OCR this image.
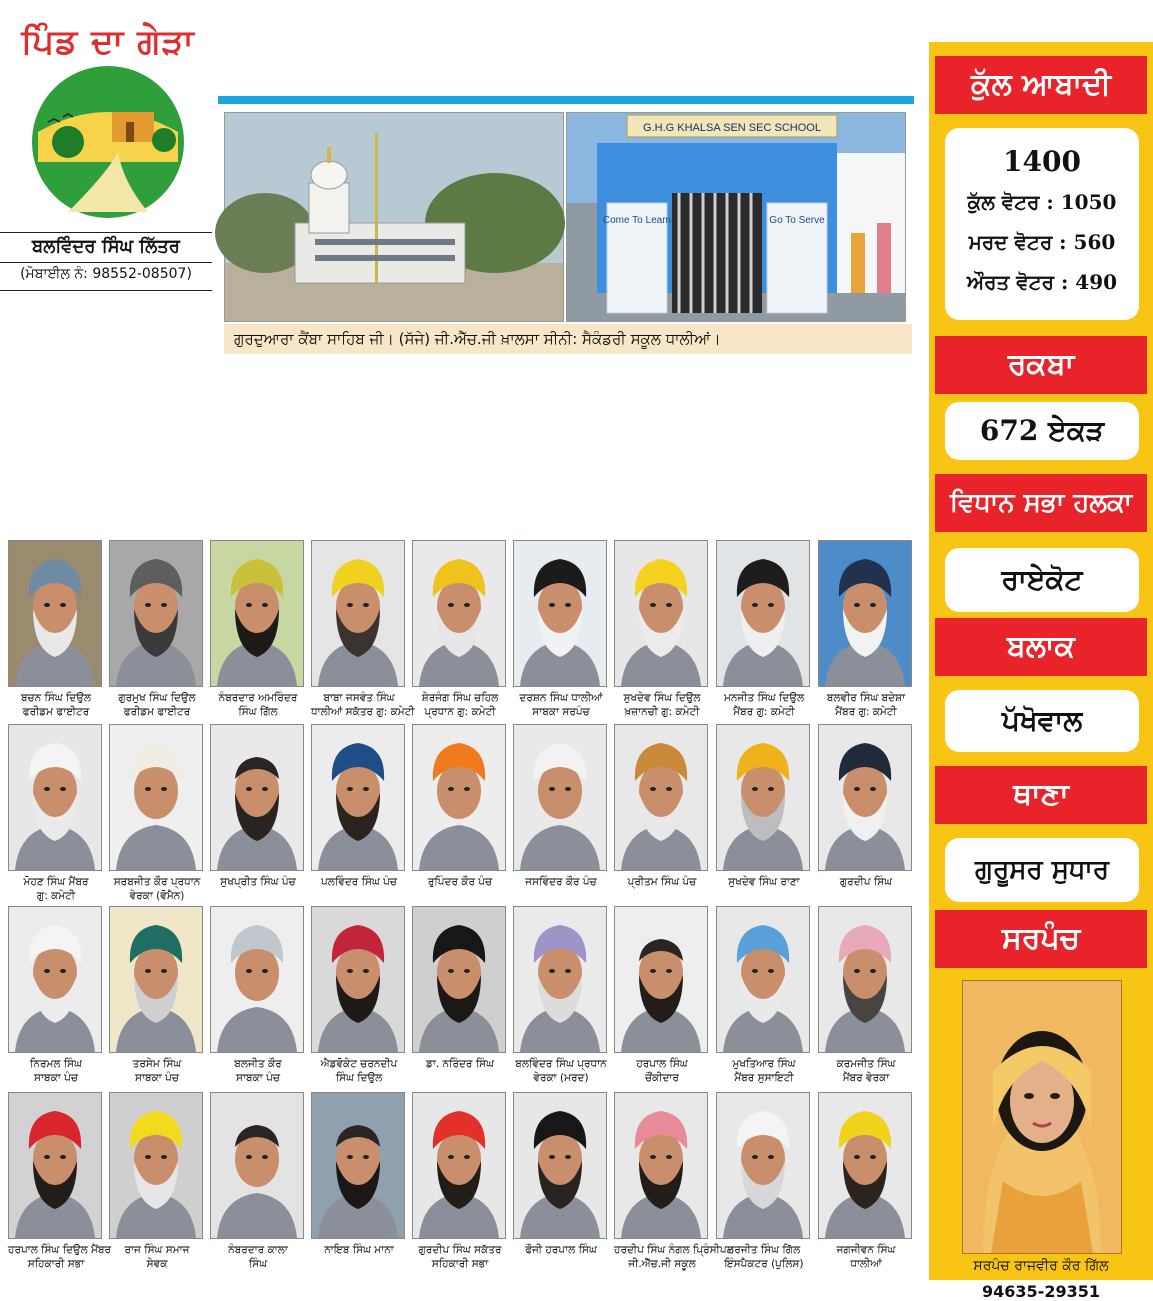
ਪਿੰਡ ਦਾ ਗੇੜਾ
ਬਲਵਿੰਦਰ ਸਿੰਘ ਲਿੱਤਰ
(ਮੋਬਾਈਲ ਨੰ: 98552-08507)
G.H.G KHALSA SEN SEC SCHOOL
Come To Learn	Go To Serve
ਗੁਰਦੁਆਰਾ ਕੈਂਬਾ ਸਾਹਿਬ ਜੀ। (ਸੱਜੇ) ਜੀ.ਐੱਚ.ਜੀ ਖ਼ਾਲਸਾ ਸੀਨੀ: ਸੈਕੰਡਰੀ ਸਕੂਲ ਧਾਲੀਆਂ।
ਕੁੱਲ ਆਬਾਦੀ
1400
ਕੁੱਲ ਵੋਟਰ : 1050
ਮਰਦ ਵੋਟਰ : 560
ਔਰਤ ਵੋਟਰ : 490
ਰਕਬਾ
672 ਏਕੜ
ਵਿਧਾਨ ਸਭਾ ਹਲਕਾ
ਰਾਏਕੋਟ
ਬਲਾਕ
ਪੱਖੋਵਾਲ
ਥਾਣਾ
ਗੁਰੂਸਰ ਸੁਧਾਰ
ਸਰਪੰਚ
ਸਰਪੰਚ ਰਾਜਵੀਰ ਕੌਰ ਗਿੱਲ
94635-29351
ਬਚਨ ਸਿੰਘ ਦਿਉਲ
ਫਰੀਡਮ ਫਾਈਟਰ
ਗੁਰਮੁਖ ਸਿੰਘ ਦਿਉਲ
ਫਰੀਡਮ ਫਾਈਟਰ
ਨੰਬਰਦਾਰ ਅਮਰਿੰਦਰ
ਸਿੰਘ ਗਿੱਲ
ਬਾਬਾ ਜਸਵੰਤ ਸਿੰਘ
ਧਾਲੀਆਂ ਸਕੱਤਰ ਗੁ: ਕਮੇਟੀ
ਸ਼ੇਰਜੰਗ ਸਿੰਘ ਚਹਿਲ
ਪ੍ਰਧਾਨ ਗੁ: ਕਮੇਟੀ
ਦਰਸ਼ਨ ਸਿੰਘ ਧਾਲੀਆਂ
ਸਾਬਕਾ ਸਰਪੰਚ
ਸੁਖਦੇਵ ਸਿੰਘ ਦਿਉਲ
ਖ਼ਜ਼ਾਨਚੀ ਗੁ: ਕਮੇਟੀ
ਮਨਜੀਤ ਸਿੰਘ ਦਿਉਲ
ਮੈਂਬਰ ਗੁ: ਕਮੇਟੀ
ਬਲਵੀਰ ਸਿੰਘ ਬਦੇਸ਼ਾ
ਮੈਂਬਰ ਗੁ: ਕਮੇਟੀ
ਮੋਹਣ ਸਿੰਘ ਮੈਂਬਰ
ਗੁ: ਕਮੇਟੀ
ਸਰਬਜੀਤ ਕੌਰ ਪ੍ਰਧਾਨ
ਵੇਰਕਾ (ਵੋਮੈਨ)
ਸੁਖਪ੍ਰੀਤ ਸਿੰਘ ਪੰਚ	ਪਲਵਿੰਦਰ ਸਿੰਘ ਪੰਚ	ਰੁਪਿੰਦਰ ਕੌਰ ਪੰਚ	ਜਸਵਿੰਦਰ ਕੌਰ ਪੰਚ	ਪ੍ਰੀਤਮ ਸਿੰਘ ਪੰਚ	ਸੁਖਦੇਵ ਸਿੰਘ ਰਾਣਾ	ਗੁਰਦੀਪ ਸਿੰਘ
ਨਿਰਮਲ ਸਿੰਘ
ਸਾਬਕਾ ਪੰਚ
ਤਰਸੇਮ ਸਿੰਘ
ਸਾਬਕਾ ਪੰਚ
ਬਲਜੀਤ ਕੌਰ
ਸਾਬਕਾ ਪੰਚ
ਐਡਵੋਕੇਟ ਚਰਨਦੀਪ
ਸਿੰਘ ਦਿਉਲ
ਡਾ. ਨਰਿੰਦਰ ਸਿੰਘ	ਬਲਵਿੰਦਰ ਸਿੰਘ ਪ੍ਰਧਾਨ
ਵੇਰਕਾ (ਮਰਦ)
ਹਰਪਾਲ ਸਿੰਘ
ਚੌਂਕੀਦਾਰ
ਮੁਖਤਿਆਰ ਸਿੰਘ
ਮੈਂਬਰ ਸੁਸਾਇਟੀ
ਕਰਮਜੀਤ ਸਿੰਘ
ਮੈਂਬਰ ਵੇਰਕਾ
ਹਰਪਾਲ ਸਿੰਘ ਦਿਉਲ ਮੈਂਬਰ
ਸਹਿਕਾਰੀ ਸਭਾ
ਰਾਜ ਸਿੰਘ ਸਮਾਜ
ਸੇਵਕ
ਨੰਬਰਦਾਰ ਕਾਲਾ
ਸਿੰਘ
ਨਾਇਬ ਸਿੰਘ ਮਾਨਾ	ਗੁਰਦੀਪ ਸਿੰਘ ਸਕੱਤਰ
ਸਹਿਕਾਰੀ ਸਭਾ
ਫੌਜੀ ਹਰਪਾਲ ਸਿੰਘ	ਹਰਦੀਪ ਸਿੰਘ ਨੰਗਲ ਪ੍ਰਿੰਸੀਪਲ
ਜੀ.ਐੱਚ.ਜੀ ਸਕੂਲ
ਹਰਜੀਤ ਸਿੰਘ ਗਿੱਲ
ਇੰਸਪੈਕਟਰ (ਪੁਲਿਸ)
ਜਗਜੀਵਨ ਸਿੰਘ
ਧਾਲੀਆਂ
